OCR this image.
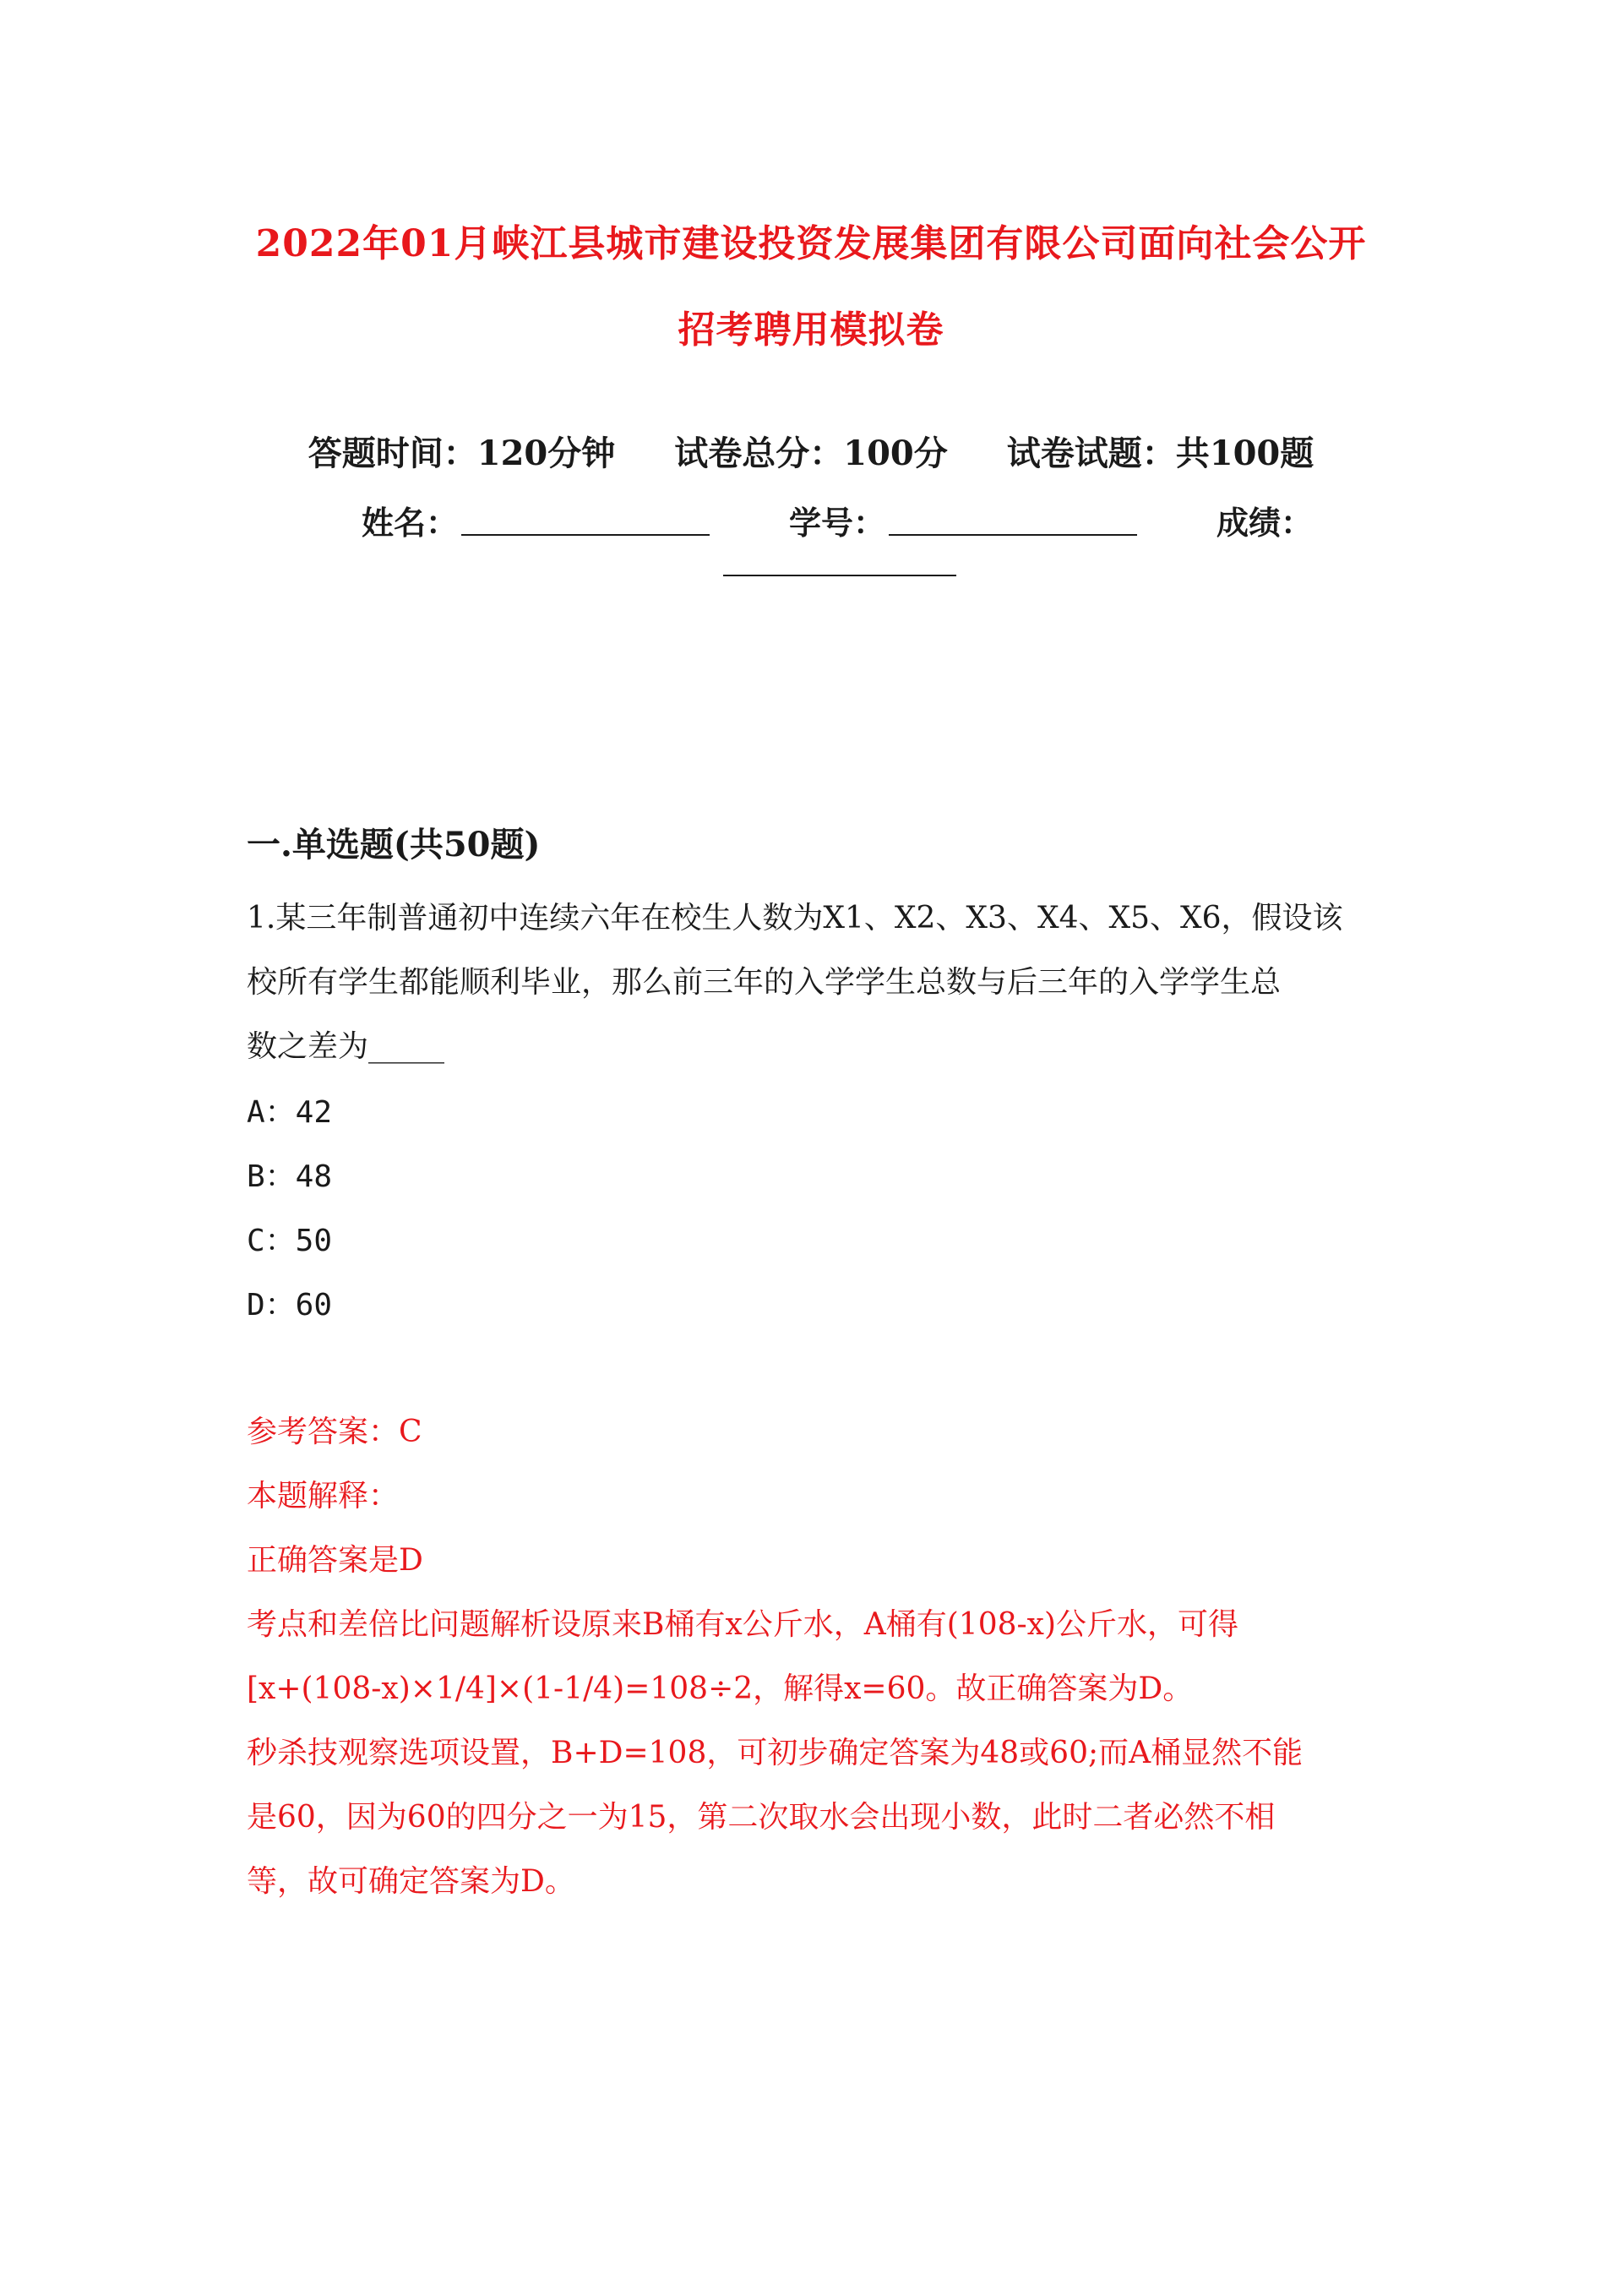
2022年01月峡江县城市建设投资发展集团有限公司面向社会公开
招考聘用模拟卷
答题时间：120分钟 试卷总分：100分 试卷试题：共100题
姓名：	学号：	成绩：
一.单选题(共50题)
1.某三年制普通初中连续六年在校生人数为X1、X2、X3、X4、X5、X6，假设该
校所有学生都能顺利毕业，那么前三年的入学学生总数与后三年的入学学生总
数之差为_____
A：42
B：48
C：50
D：60
参考答案：C
本题解释：
正确答案是D
考点和差倍比问题解析设原来B桶有x公斤水，A桶有(108-x)公斤水，可得
[x+(108-x)×1/4]×(1-1/4)=108÷2，解得x=60。故正确答案为D。
秒杀技观察选项设置，B+D=108，可初步确定答案为48或60;而A桶显然不能
是60，因为60的四分之一为15，第二次取水会出现小数，此时二者必然不相
等，故可确定答案为D。
